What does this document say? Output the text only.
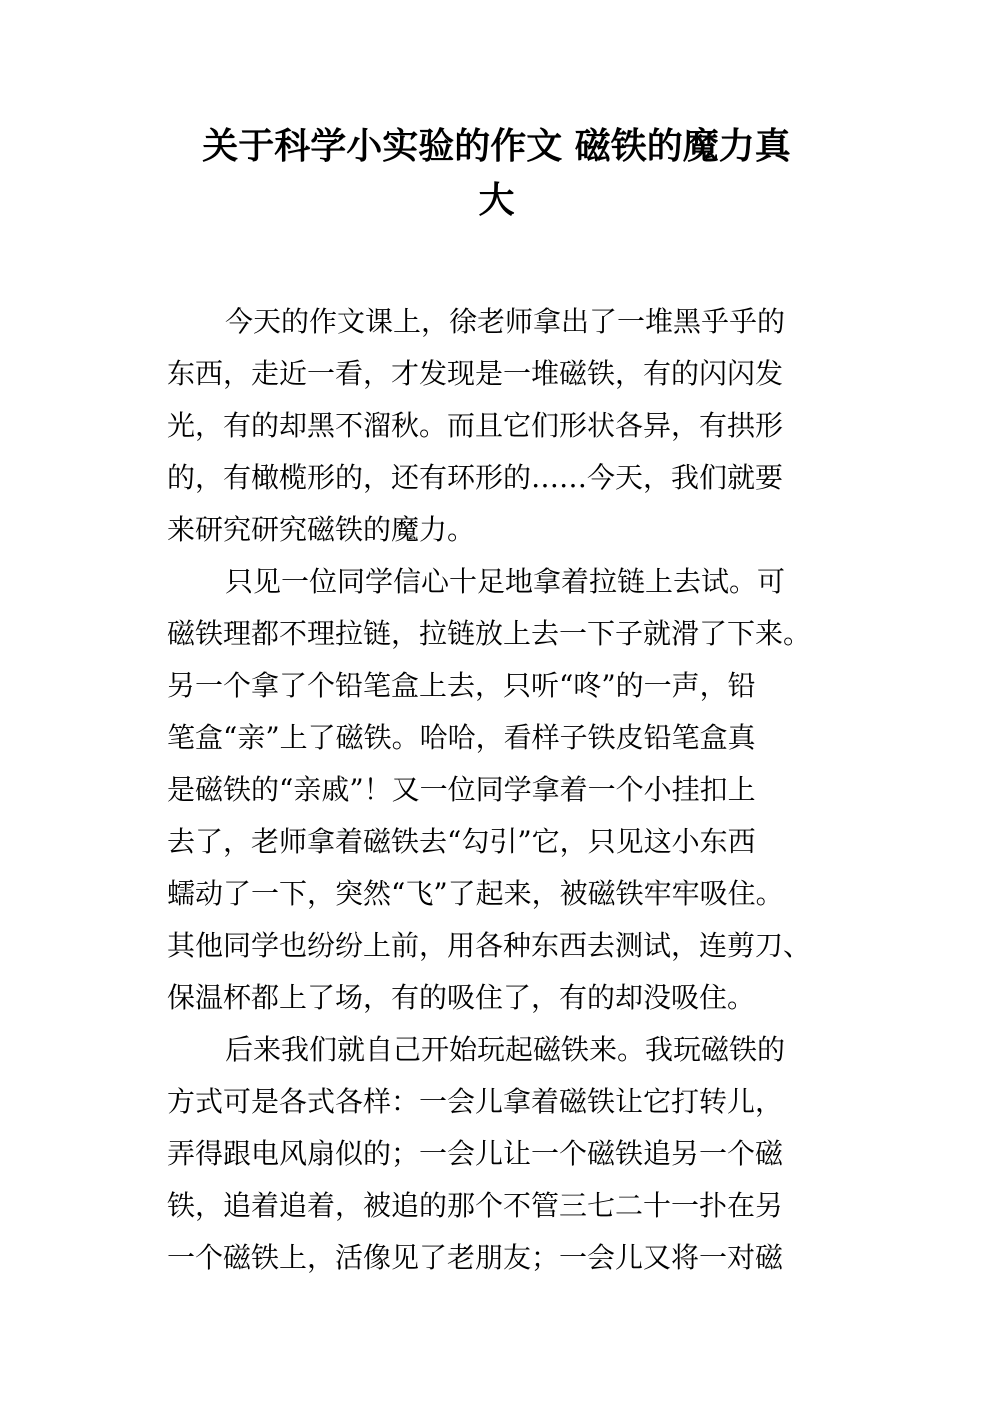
关于科学小实验的作文 磁铁的魔力真
大
今天的作文课上，徐老师拿出了一堆黑乎乎的
东西，走近一看，才发现是一堆磁铁，有的闪闪发
光，有的却黑不溜秋。而且它们形状各异，有拱形
的，有橄榄形的，还有环形的……今天，我们就要
来研究研究磁铁的魔力。
只见一位同学信心十足地拿着拉链上去试。可
磁铁理都不理拉链，拉链放上去一下子就滑了下来。
另一个拿了个铅笔盒上去，只听“咚”的一声，铅
笔盒“亲”上了磁铁。哈哈，看样子铁皮铅笔盒真
是磁铁的“亲戚”！又一位同学拿着一个小挂扣上
去了，老师拿着磁铁去“勾引”它，只见这小东西
蠕动了一下，突然“飞”了起来，被磁铁牢牢吸住。
其他同学也纷纷上前，用各种东西去测试，连剪刀、
保温杯都上了场，有的吸住了，有的却没吸住。
后来我们就自己开始玩起磁铁来。我玩磁铁的
方式可是各式各样：一会儿拿着磁铁让它打转儿，
弄得跟电风扇似的；一会儿让一个磁铁追另一个磁
铁，追着追着，被追的那个不管三七二十一扑在另
一个磁铁上，活像见了老朋友；一会儿又将一对磁
